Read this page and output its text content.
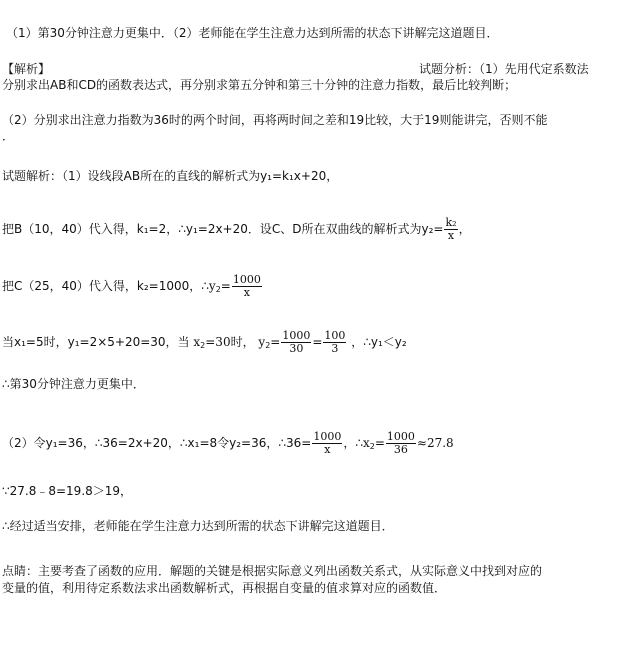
（1）第30分钟注意力更集中．（2）老师能在学生注意力达到所需的状态下讲解完这道题目．
【解析】	试题分析：（1）先用代定系数法
分别求出AB和CD的函数表达式，再分别求第五分钟和第三十分钟的注意力指数，最后比较判断；
（2）分别求出注意力指数为36时的两个时间，再将两时间之差和19比较，大于19则能讲完，否则不能
．
试题解析：（1）设线段AB所在的直线的解析式为y₁=k₁x+20，
把B（10，40）代入得，k₁=2，∴y₁=2x+20．设C、D所在双曲线的解析式为$y_2= \frac{\text{k₂}}{x}$ ，
把C（25，40）代入得，k₂=1000，$\therefore y_2= \frac{1000}{x}$
当x₁=5时，y₁=2×5+20=30，当 $x_2=30$时， $y_2= \frac{1000}{30} = \frac{100}{3}$ ，∴y₁＜y₂
∴第30分钟注意力更集中．
（2）令y₁=36，∴36=2x+20，∴x₁=8令y₂=36，∴36= $\frac{1000}{x}$ ，$\therefore x_2= \frac{1000}{36} \approx 27.8$
∵27.8﹣8=19.8＞19，
∴经过适当安排，老师能在学生注意力达到所需的状态下讲解完这道题目．
点睛：主要考查了函数的应用．解题的关键是根据实际意义列出函数关系式，从实际意义中找到对应的
变量的值，利用待定系数法求出函数解析式，再根据自变量的值求算对应的函数值．
